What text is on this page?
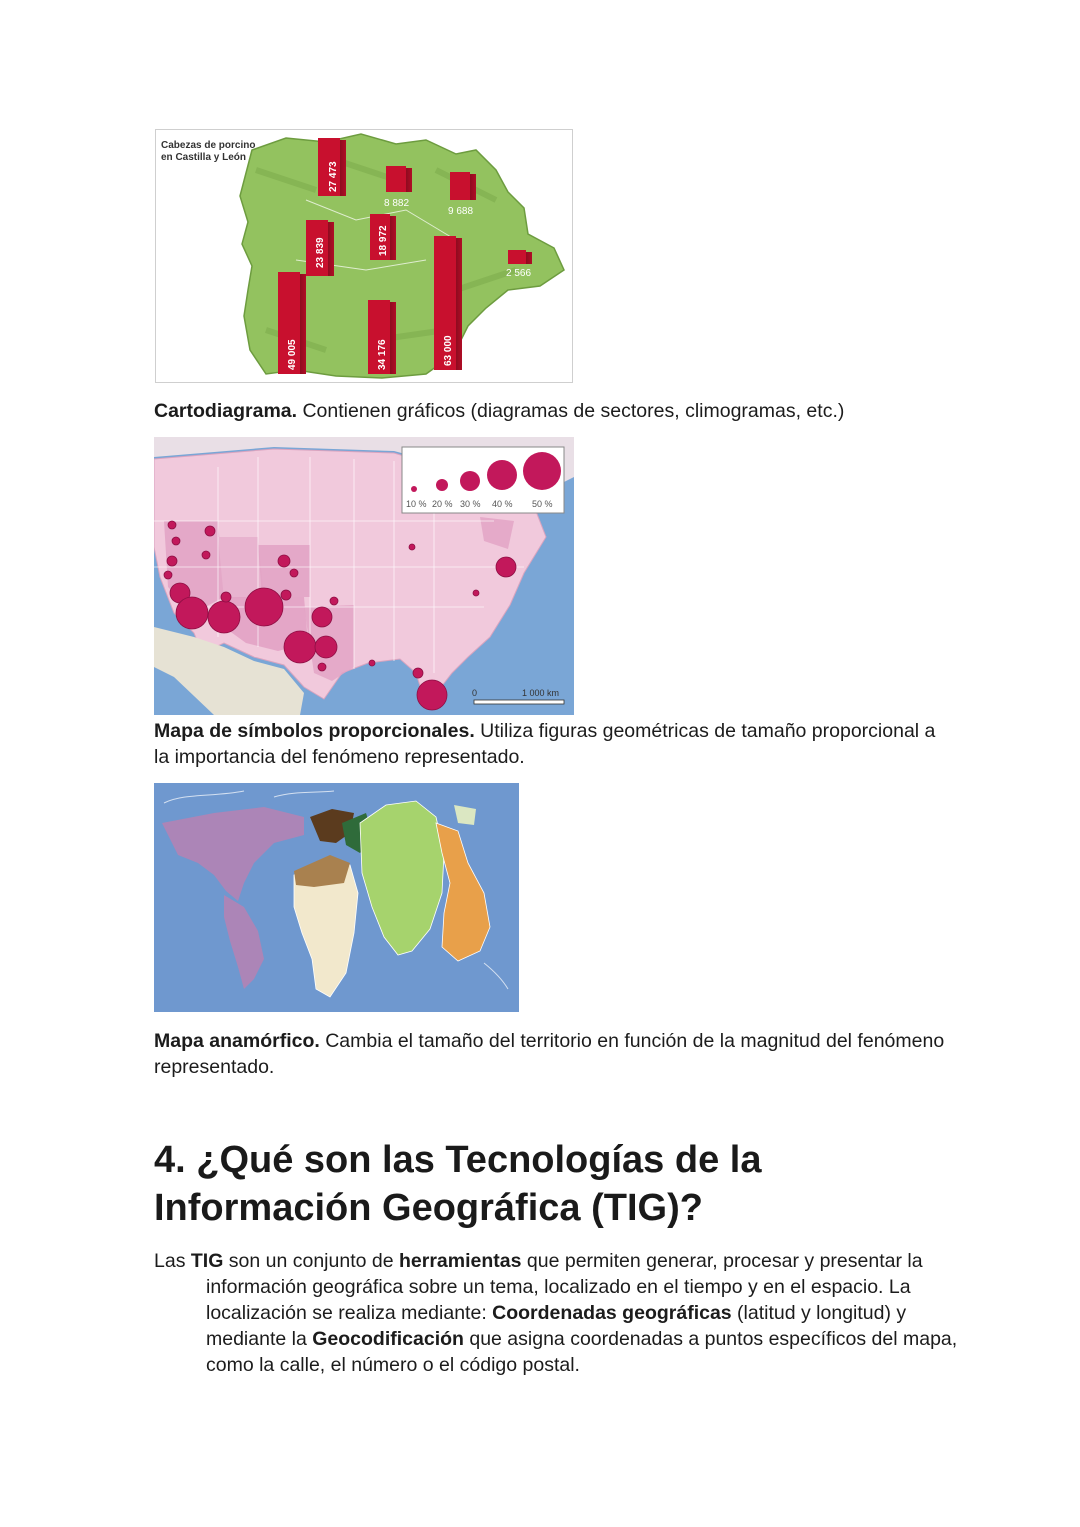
Cabezas de porcino
en Castilla y León
27 473
8 882
9 688
23 839	18 972
2 566
49 005	34 176	63 000

Cartodiagrama. Contienen gráficos (diagramas de sectores, climogramas, etc.)

10 % 20 % 30 % 40 % 50 %
0	1 000 km

Mapa de símbolos proporcionales. Utiliza figuras geométricas de tamaño proporcional a la importancia del fenómeno representado.

Mapa anamórfico. Cambia el tamaño del territorio en función de la magnitud del fenómeno representado.

4. ¿Qué son las Tecnologías de la Información Geográfica (TIG)?

Las TIG son un conjunto de herramientas que permiten generar, procesar y presentar la información geográfica sobre un tema, localizado en el tiempo y en el espacio. La localización se realiza mediante: Coordenadas geográficas (latitud y longitud) y mediante la Geocodificación que asigna coordenadas a puntos específicos del mapa, como la calle, el número o el código postal.
